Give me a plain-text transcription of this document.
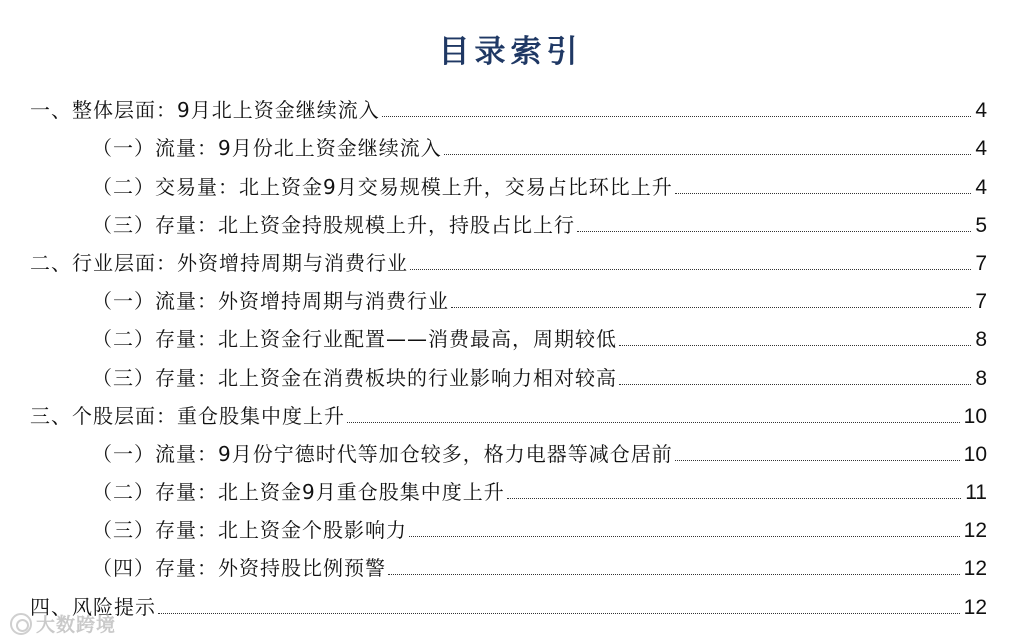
目录索引
一、整体层面：9月北上资金继续流入	4
（一）流量：9月份北上资金继续流入	4
（二）交易量：北上资金9月交易规模上升，交易占比环比上升	4
（三）存量：北上资金持股规模上升，持股占比上行	5
二、行业层面：外资增持周期与消费行业	7
（一）流量：外资增持周期与消费行业	7
（二）存量：北上资金行业配置——消费最高，周期较低	8
（三）存量：北上资金在消费板块的行业影响力相对较高	8
三、个股层面：重仓股集中度上升	10
（一）流量：9月份宁德时代等加仓较多，格力电器等减仓居前	10
（二）存量：北上资金9月重仓股集中度上升	11
（三）存量：北上资金个股影响力	12
（四）存量：外资持股比例预警	12
四、风险提示	12
大数跨境
